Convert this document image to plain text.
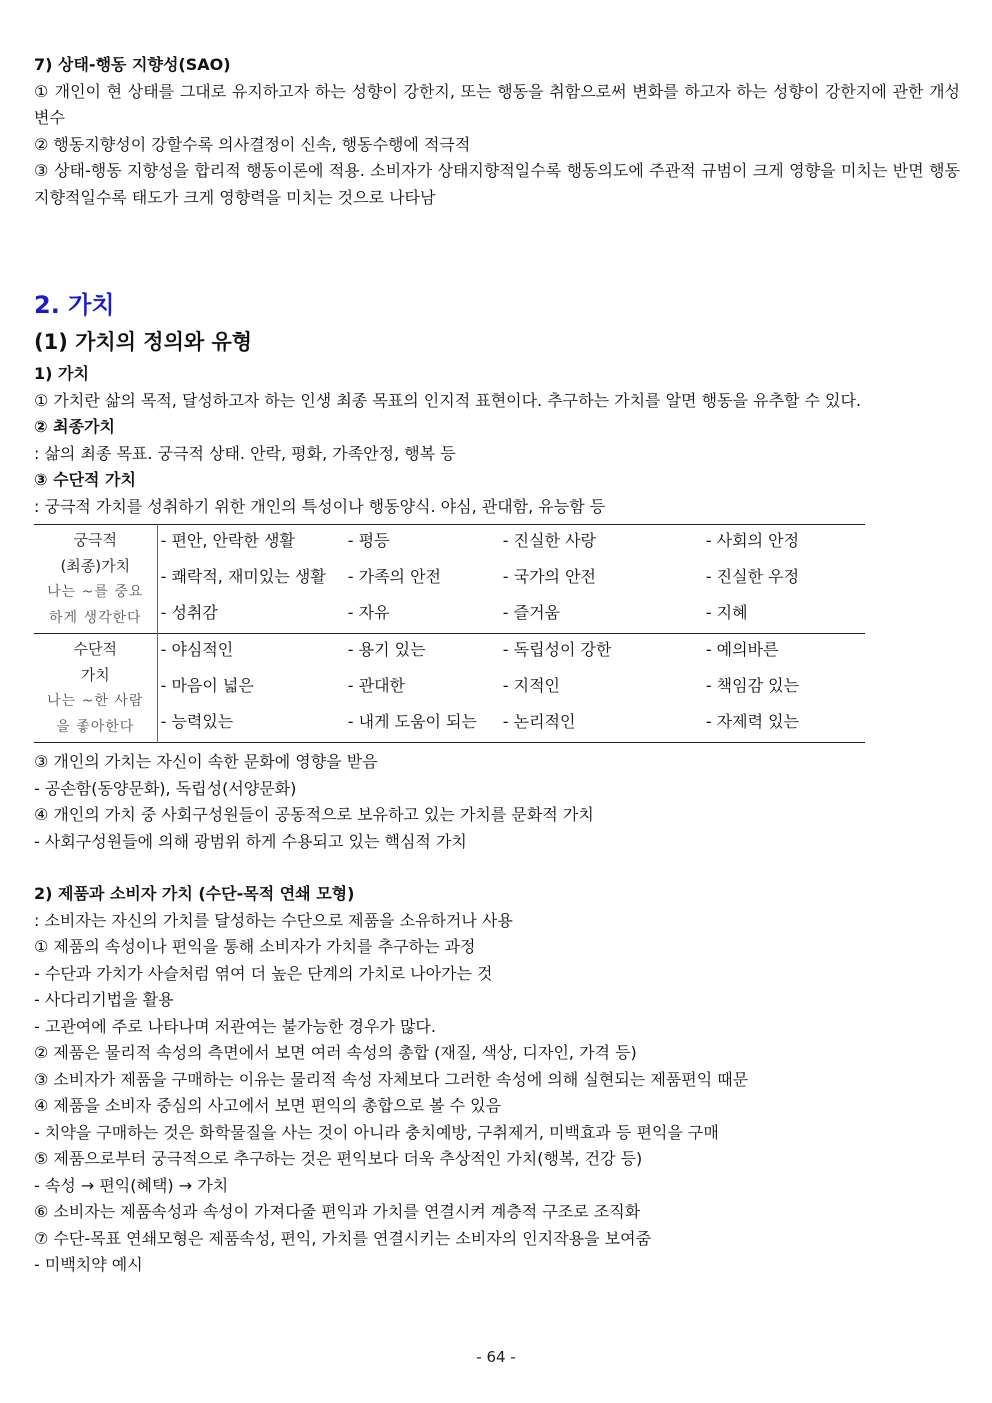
7) 상태-행동 지향성(SAO)
① 개인이 현 상태를 그대로 유지하고자 하는 성향이 강한지, 또는 행동을 취함으로써 변화를 하고자 하는 성향이 강한지에 관한 개성변수
② 행동지향성이 강할수록 의사결정이 신속, 행동수행에 적극적
③ 상태-행동 지향성을 합리적 행동이론에 적용. 소비자가 상태지향적일수록 행동의도에 주관적 규범이 크게 영향을 미치는 반면 행동지향적일수록 태도가 크게 영향력을 미치는 것으로 나타남
2. 가치
(1) 가치의 정의와 유형
1) 가치
① 가치란 삶의 목적, 달성하고자 하는 인생 최종 목표의 인지적 표현이다. 추구하는 가치를 알면 행동을 유추할 수 있다.
② 최종가치
: 삶의 최종 목표. 궁극적 상태. 안락, 평화, 가족안정, 행복 등
③ 수단적 가치
: 궁극적 가치를 성취하기 위한 개인의 특성이나 행동양식. 야심, 관대함, 유능함 등
궁극적
(최종)가치
나는 ~를 중요
하게 생각한다	- 편안, 안락한 생활	- 평등	- 진실한 사랑	- 사회의 안정
	- 쾌락적, 재미있는 생활	- 가족의 안전	- 국가의 안전	- 진실한 우정
	- 성취감	- 자유	- 즐거움	- 지혜

수단적
가치
나는 ~한 사람
을 좋아한다	- 야심적인	- 용기 있는	- 독립성이 강한	- 예의바른
	- 마음이 넓은	- 관대한	- 지적인	- 책임감 있는
	- 능력있는	- 내게 도움이 되는	- 논리적인	- 자제력 있는
③ 개인의 가치는 자신이 속한 문화에 영향을 받음
- 공손함(동양문화), 독립성(서양문화)
④ 개인의 가치 중 사회구성원들이 공동적으로 보유하고 있는 가치를 문화적 가치
- 사회구성원들에 의해 광범위 하게 수용되고 있는 핵심적 가치
2) 제품과 소비자 가치 (수단-목적 연쇄 모형)
: 소비자는 자신의 가치를 달성하는 수단으로 제품을 소유하거나 사용
① 제품의 속성이나 편익을 통해 소비자가 가치를 추구하는 과정
- 수단과 가치가 사슬처럼 엮여 더 높은 단계의 가치로 나아가는 것
- 사다리기법을 활용
- 고관여에 주로 나타나며 저관여는 불가능한 경우가 많다.
② 제품은 물리적 속성의 측면에서 보면 여러 속성의 총합 (재질, 색상, 디자인, 가격 등)
③ 소비자가 제품을 구매하는 이유는 물리적 속성 자체보다 그러한 속성에 의해 실현되는 제품편익 때문
④ 제품을 소비자 중심의 사고에서 보면 편익의 총합으로 볼 수 있음
- 치약을 구매하는 것은 화학물질을 사는 것이 아니라 충치예방, 구취제거, 미백효과 등 편익을 구매
⑤ 제품으로부터 궁극적으로 추구하는 것은 편익보다 더욱 추상적인 가치(행복, 건강 등)
- 속성 → 편익(혜택) → 가치
⑥ 소비자는 제품속성과 속성이 가져다줄 편익과 가치를 연결시켜 계층적 구조로 조직화
⑦ 수단-목표 연쇄모형은 제품속성, 편익, 가치를 연결시키는 소비자의 인지작용을 보여줌
- 미백치약 예시
- 64 -
